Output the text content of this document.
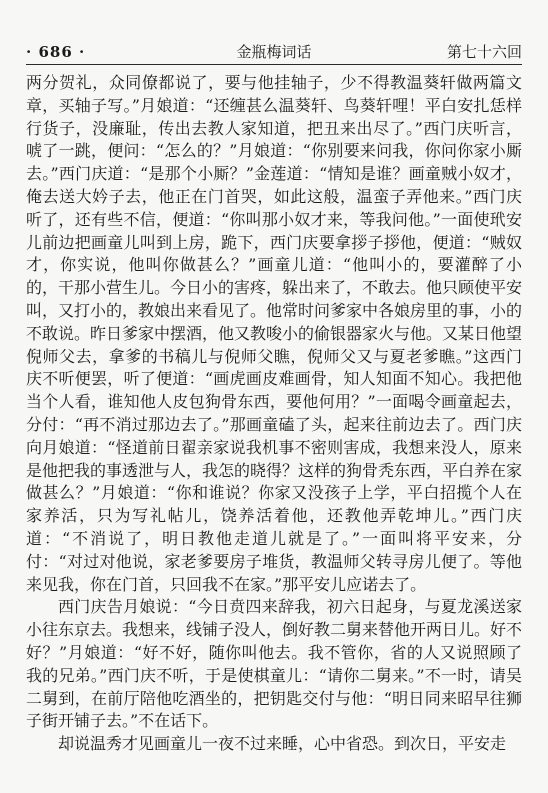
· 686 ·	金瓶梅词话	第七十六回

两分贺礼，众同僚都说了，要与他挂轴子，少不得教温葵轩做两篇文章，买轴子写。”月娘道：“还缠甚么温葵轩、鸟葵轩哩！平白安扎恁样行货子，没廉耻，传出去教人家知道，把丑来出尽了。”西门庆听言，唬了一跳，便问：“怎么的？”月娘道：“你别要来问我，你问你家小厮去。”西门庆道：“是那个小厮？”金莲道：“情知是谁？画童贼小奴才，俺去送大妗子去，他正在门首哭，如此这般，温蛮子弄他来。”西门庆听了，还有些不信，便道：“你叫那小奴才来，等我问他。”一面使玳安儿前边把画童儿叫到上房，跪下，西门庆要拿拶子拶他，便道：“贼奴才，你实说，他叫你做甚么？”画童儿道：“他叫小的，要灌醉了小的，干那小营生儿。今日小的害疼，躲出来了，不敢去。他只顾使平安叫，又打小的，教娘出来看见了。他常时问爹家中各娘房里的事，小的不敢说。昨日爹家中摆酒，他又教唆小的偷银器家火与他。又某日他望倪师父去，拿爹的书稿儿与倪师父瞧，倪师父又与夏老爹瞧。”这西门庆不听便罢，听了便道：“画虎画皮难画骨，知人知面不知心。我把他当个人看，谁知他人皮包狗骨东西，要他何用？”一面喝令画童起去，分付：“再不消过那边去了。”那画童磕了头，起来往前边去了。西门庆向月娘道：“怪道前日翟亲家说我机事不密则害成，我想来没人，原来是他把我的事透泄与人，我怎的晓得？这样的狗骨秃东西，平白养在家做甚么？”月娘道：“你和谁说？你家又没孩子上学，平白招揽个人在家养活，只为写礼帖儿，饶养活着他，还教他弄乾坤儿。”西门庆道：“不消说了，明日教他走道儿就是了。”一面叫将平安来，分付：“对过对他说，家老爹要房子堆货，教温师父转寻房儿便了。等他来见我，你在门首，只回我不在家。”那平安儿应诺去了。

西门庆告月娘说：“今日贲四来辞我，初六日起身，与夏龙溪送家小往东京去。我想来，线铺子没人，倒好教二舅来替他开两日儿。好不好？”月娘道：“好不好，随你叫他去。我不管你，省的人又说照顾了我的兄弟。”西门庆不听，于是使棋童儿：“请你二舅来。”不一时，请吴二舅到，在前厅陪他吃酒坐的，把钥匙交付与他：“明日同来昭早往狮子街开铺子去。”不在话下。

却说温秀才见画童儿一夜不过来睡，心中省恐。到次日，平安走
